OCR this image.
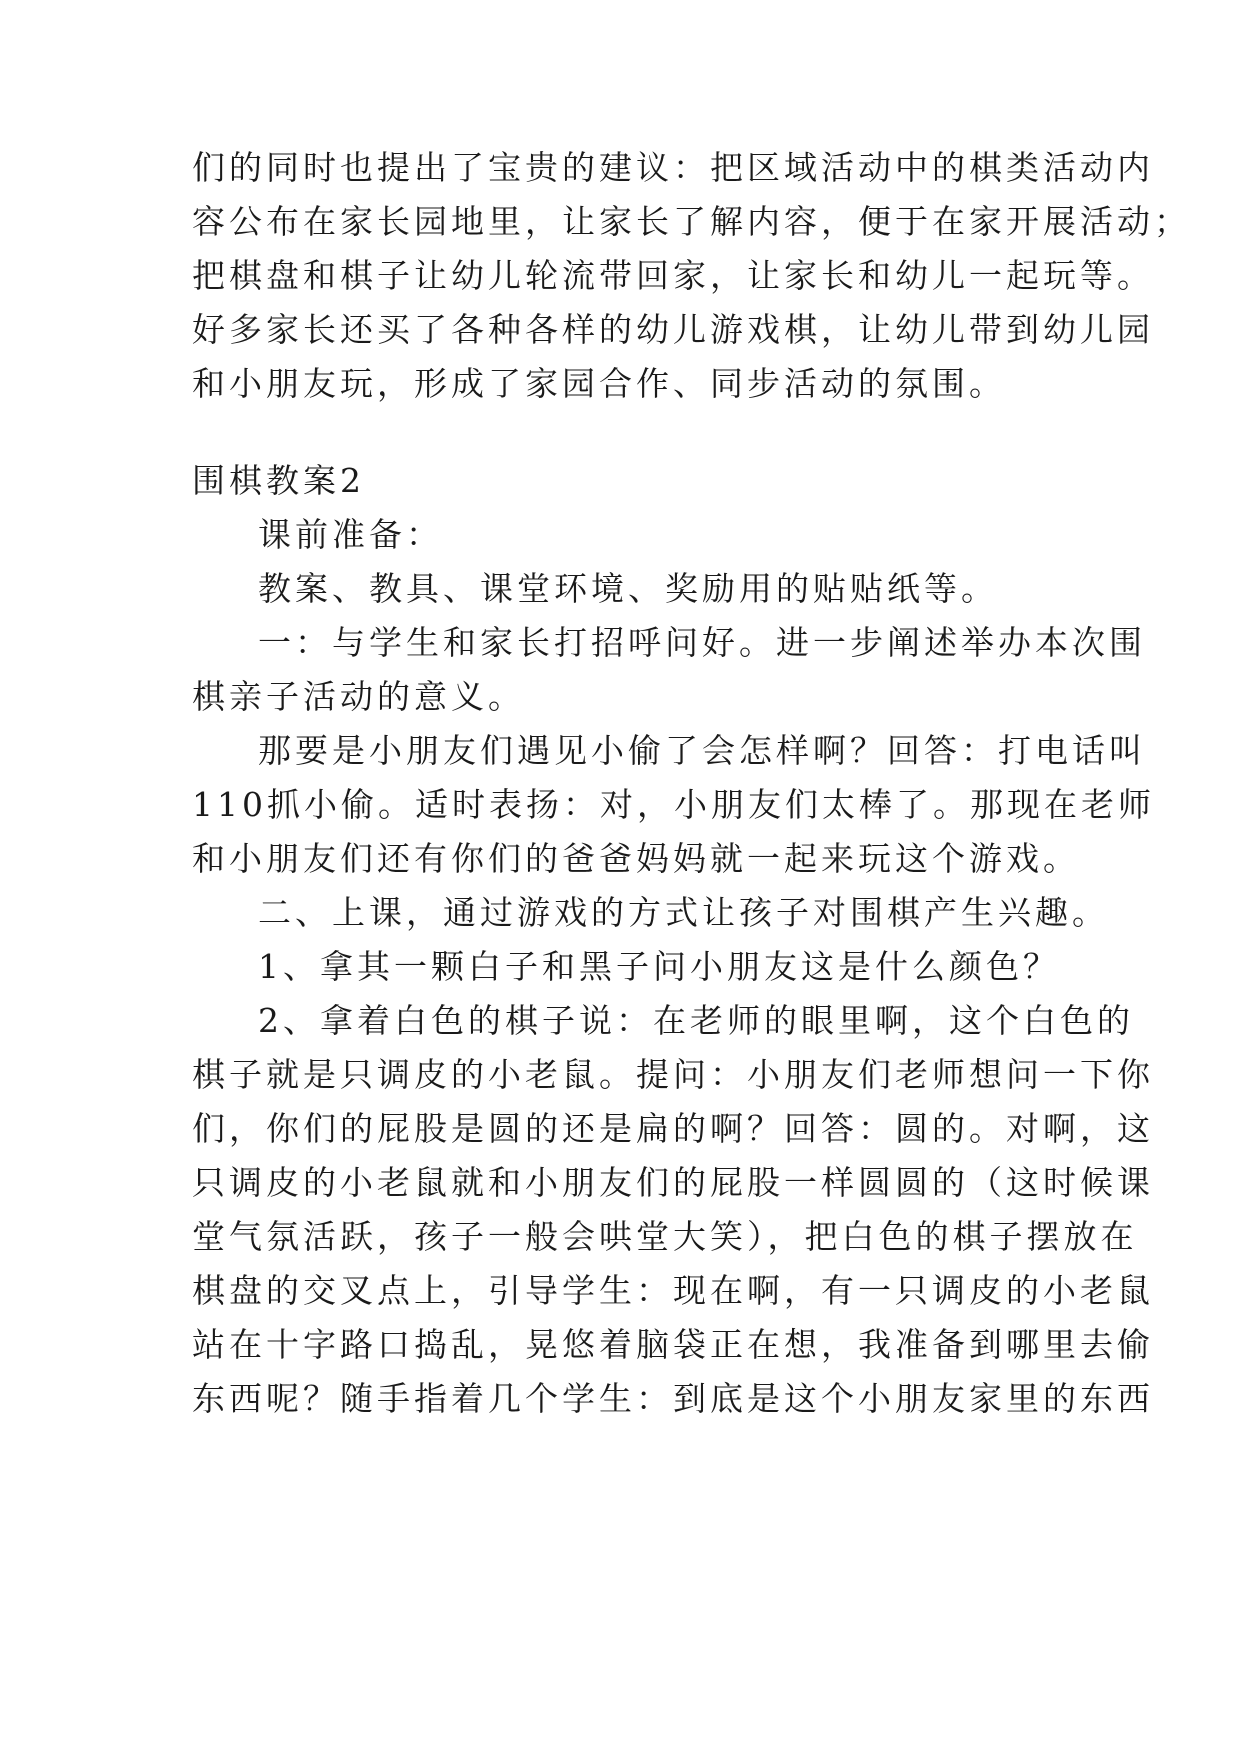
们的同时也提出了宝贵的建议：把区域活动中的棋类活动内
容公布在家长园地里，让家长了解内容，便于在家开展活动；
把棋盘和棋子让幼儿轮流带回家，让家长和幼儿一起玩等。
好多家长还买了各种各样的幼儿游戏棋，让幼儿带到幼儿园
和小朋友玩，形成了家园合作、同步活动的氛围。
围棋教案2
课前准备：
教案、教具、课堂环境、奖励用的贴贴纸等。
一：与学生和家长打招呼问好。进一步阐述举办本次围
棋亲子活动的意义。
那要是小朋友们遇见小偷了会怎样啊？回答：打电话叫
110抓小偷。适时表扬：对，小朋友们太棒了。那现在老师
和小朋友们还有你们的爸爸妈妈就一起来玩这个游戏。
二、上课，通过游戏的方式让孩子对围棋产生兴趣。
1、拿其一颗白子和黑子问小朋友这是什么颜色？
2、拿着白色的棋子说：在老师的眼里啊，这个白色的
棋子就是只调皮的小老鼠。提问：小朋友们老师想问一下你
们，你们的屁股是圆的还是扁的啊？回答：圆的。对啊，这
只调皮的小老鼠就和小朋友们的屁股一样圆圆的（这时候课
堂气氛活跃，孩子一般会哄堂大笑），把白色的棋子摆放在
棋盘的交叉点上，引导学生：现在啊，有一只调皮的小老鼠
站在十字路口捣乱，晃悠着脑袋正在想，我准备到哪里去偷
东西呢？随手指着几个学生：到底是这个小朋友家里的东西
